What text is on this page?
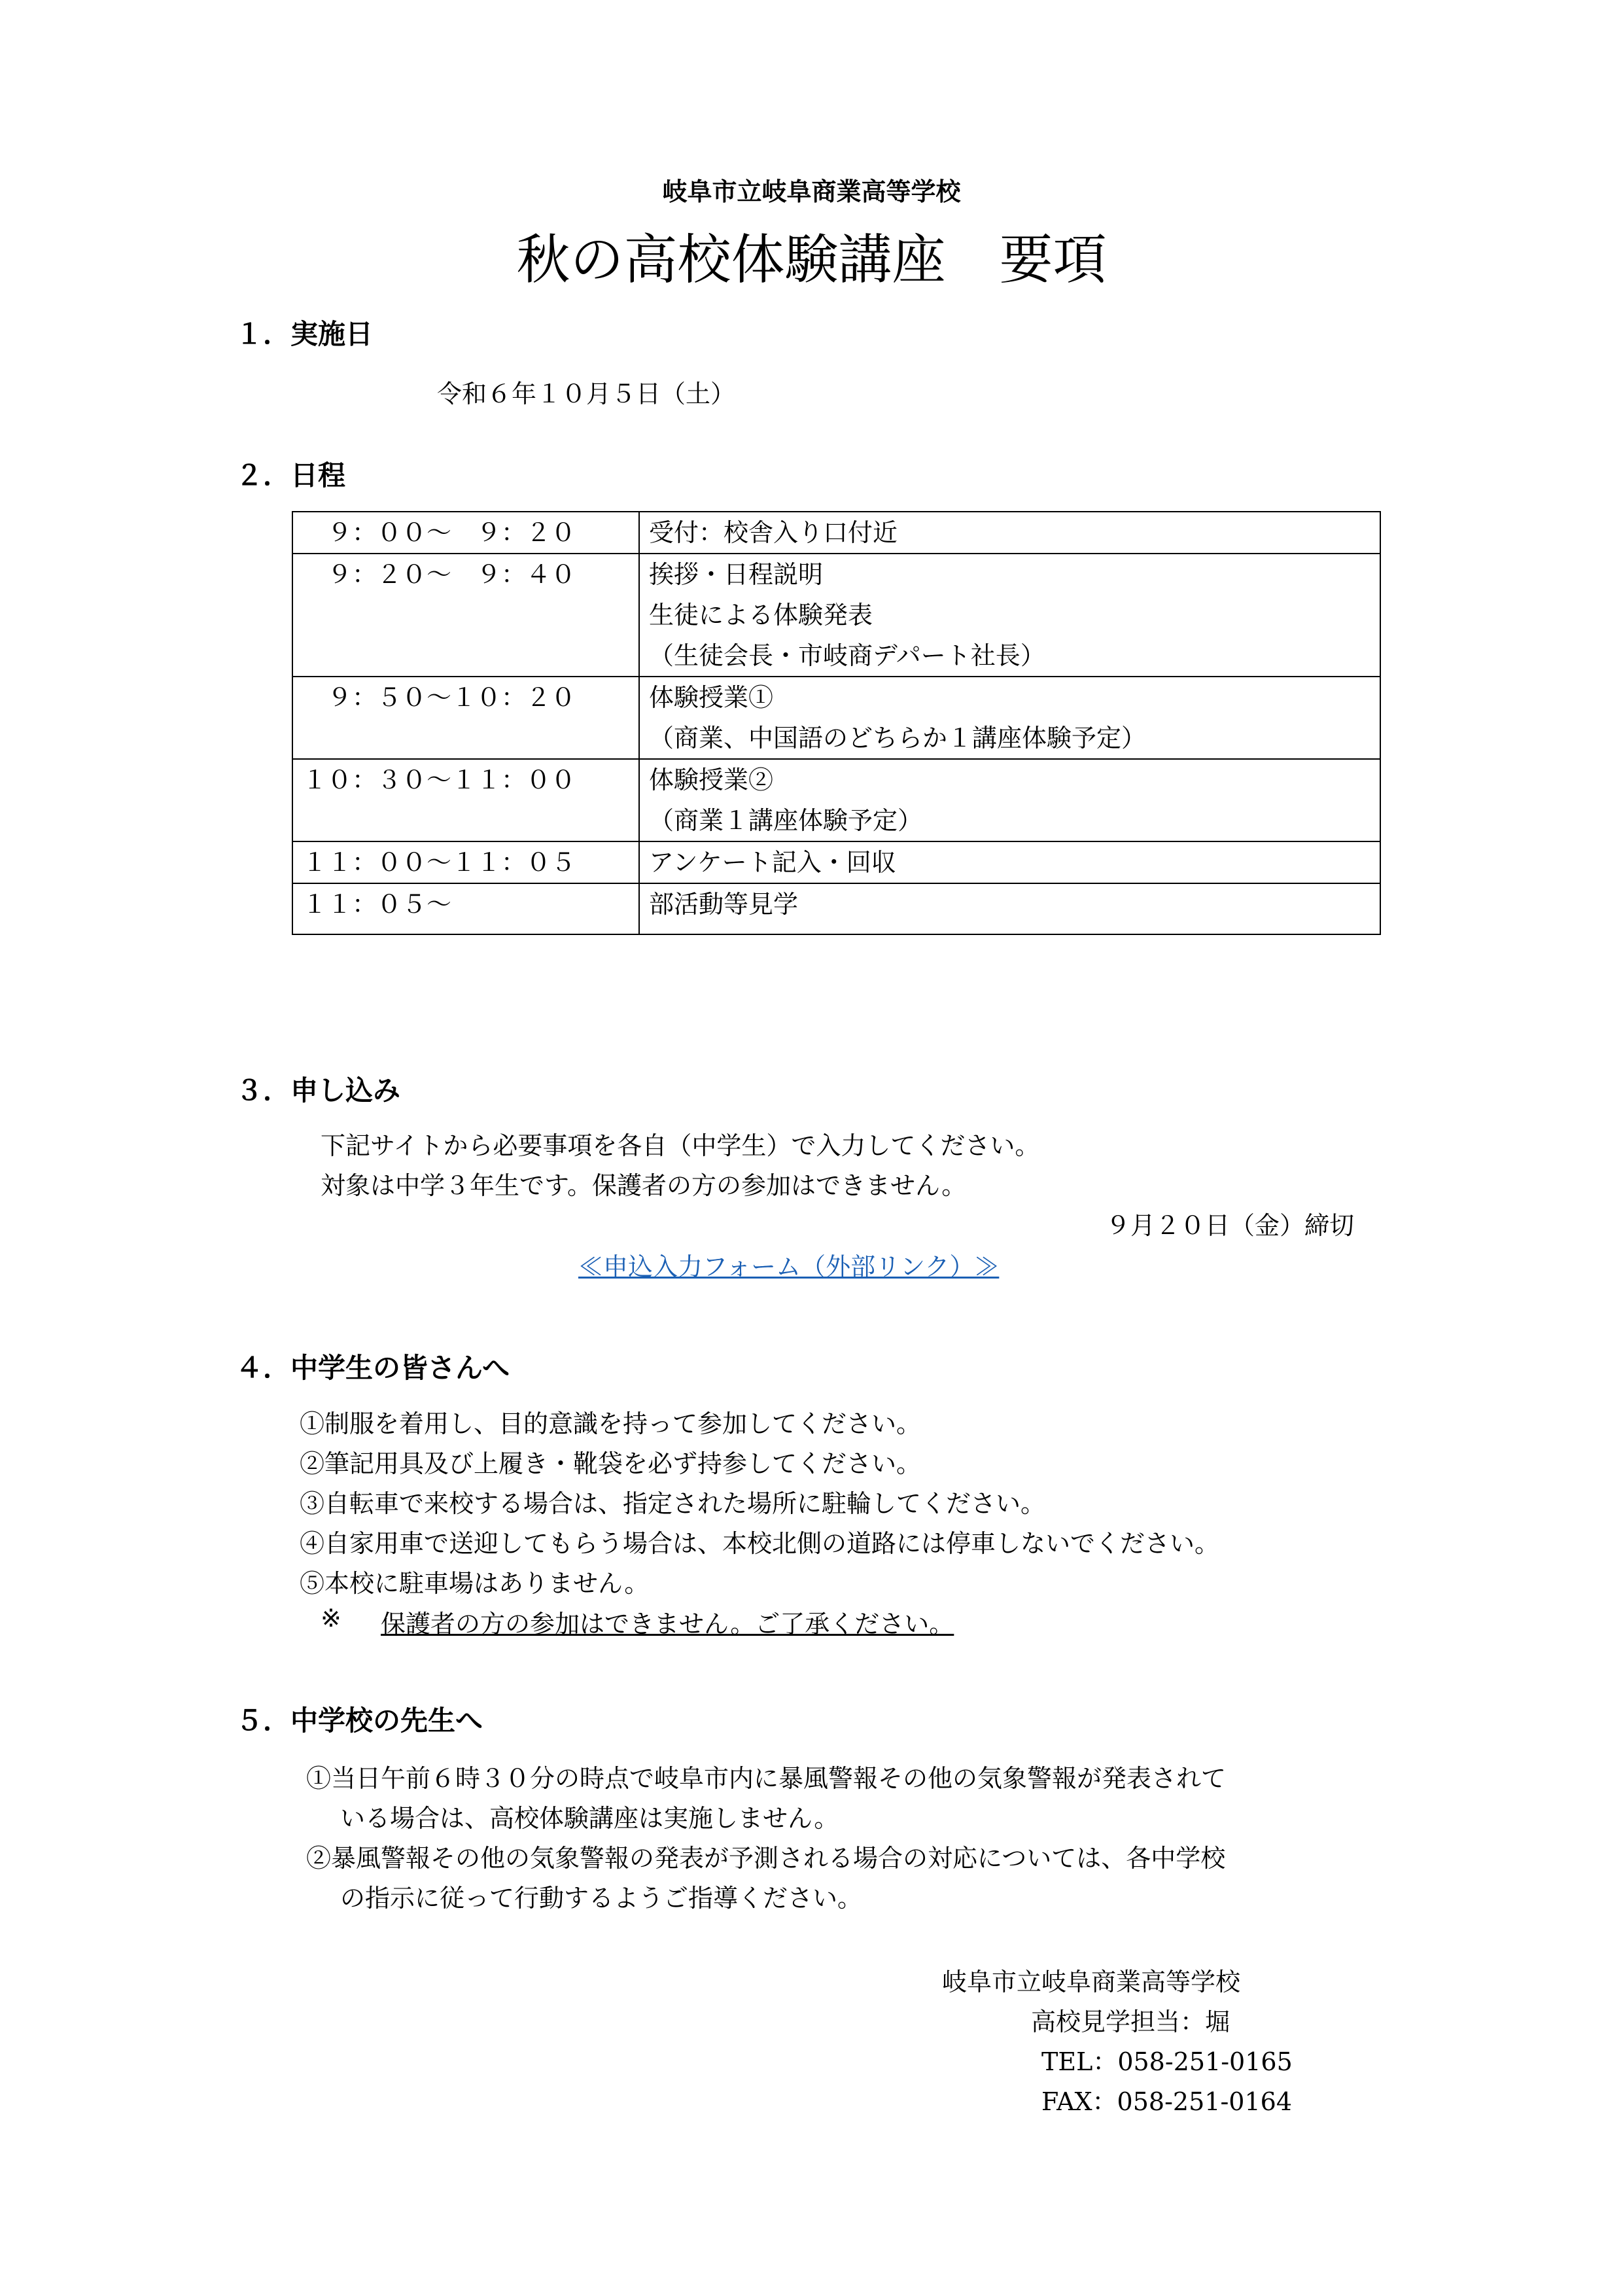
岐阜市立岐阜商業高等学校
秋の高校体験講座　要項
１．実施日
令和６年１０月５日（土）
２．日程
　９：００～　９：２０	受付：校舎入り口付近

　９：２０～　９：４０	挨拶・日程説明
生徒による体験発表
（生徒会長・市岐商デパート社長）

　９：５０～１０：２０	体験授業①
（商業、中国語のどちらか１講座体験予定）

１０：３０～１１：００	体験授業②
（商業１講座体験予定）

１１：００～１１：０５	アンケート記入・回収

１１：０５～	部活動等見学
３．申し込み
下記サイトから必要事項を各自（中学生）で入力してください。
対象は中学３年生です。保護者の方の参加はできません。
９月２０日（金）締切
≪申込入力フォーム（外部リンク）≫
４．中学生の皆さんへ
①制服を着用し、目的意識を持って参加してください。
②筆記用具及び上履き・靴袋を必ず持参してください。
③自転車で来校する場合は、指定された場所に駐輪してください。
④自家用車で送迎してもらう場合は、本校北側の道路には停車しないでください。
⑤本校に駐車場はありません。
※ 保護者の方の参加はできません。ご了承ください。
５．中学校の先生へ
①当日午前６時３０分の時点で岐阜市内に暴風警報その他の気象警報が発表されて
いる場合は、高校体験講座は実施しません。
②暴風警報その他の気象警報の発表が予測される場合の対応については、各中学校
の指示に従って行動するようご指導ください。
岐阜市立岐阜商業高等学校
高校見学担当：堀
TEL：058-251-0165
FAX：058-251-0164
